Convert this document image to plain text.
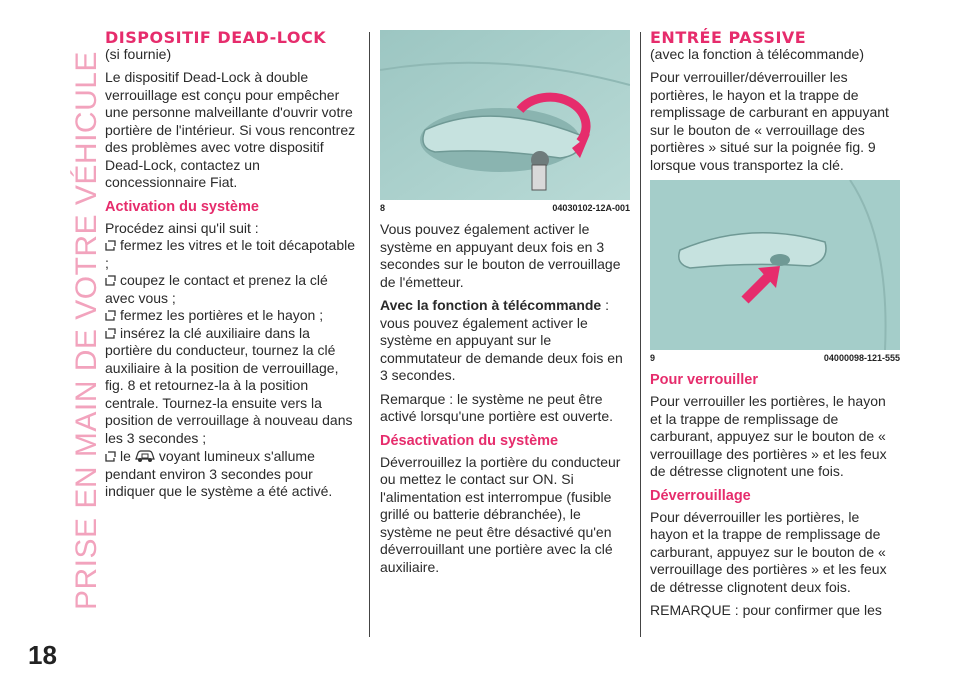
PRISE EN MAIN DE VOTRE VÉHICULE
18
DISPOSITIF DEAD-LOCK

(si fournie)

Le dispositif Dead-Lock à double verrouillage est conçu pour empêcher une personne malveillante d'ouvrir votre portière de l'intérieur. Si vous rencontrez des problèmes avec votre dispositif Dead-Lock, contactez un concessionnaire Fiat.

Activation du système

Procédez ainsi qu'il suit :

fermez les vitres et le toit décapotable ;

coupez le contact et prenez la clé avec vous ;

fermez les portières et le hayon ;

insérez la clé auxiliaire dans la portière du conducteur, tournez la clé auxiliaire à la position de verrouillage, fig. 8 et retournez-la à la position centrale. Tournez-la ensuite vers la position de verrouillage à nouveau dans les 3 secondes ;

le voyant lumineux s'allume pendant environ 3 secondes pour indiquer que le système a été activé.

8	04030102-12A-001

Vous pouvez également activer le système en appuyant deux fois en 3 secondes sur le bouton de verrouillage de l'émetteur.

Avec la fonction à télécommande : vous pouvez également activer le système en appuyant sur le commutateur de demande deux fois en 3 secondes.

Remarque : le système ne peut être activé lorsqu'une portière est ouverte.

Désactivation du système

Déverrouillez la portière du conducteur ou mettez le contact sur ON. Si l'alimentation est interrompue (fusible grillé ou batterie débranchée), le système ne peut être désactivé qu'en déverrouillant une portière avec la clé auxiliaire.

ENTRÉE PASSIVE

(avec la fonction à télécommande)

Pour verrouiller/déverrouiller les portières, le hayon et la trappe de remplissage de carburant en appuyant sur le bouton de « verrouillage des portières » situé sur la poignée fig. 9 lorsque vous transportez la clé.

9	04000098-121-555
Pour verrouiller

Pour verrouiller les portières, le hayon et la trappe de remplissage de carburant, appuyez sur le bouton de « verrouillage des portières » et les feux de détresse clignotent une fois.

Déverrouillage

Pour déverrouiller les portières, le hayon et la trappe de remplissage de carburant, appuyez sur le bouton de « verrouillage des portières » et les feux de détresse clignotent deux fois.

REMARQUE : pour confirmer que les
